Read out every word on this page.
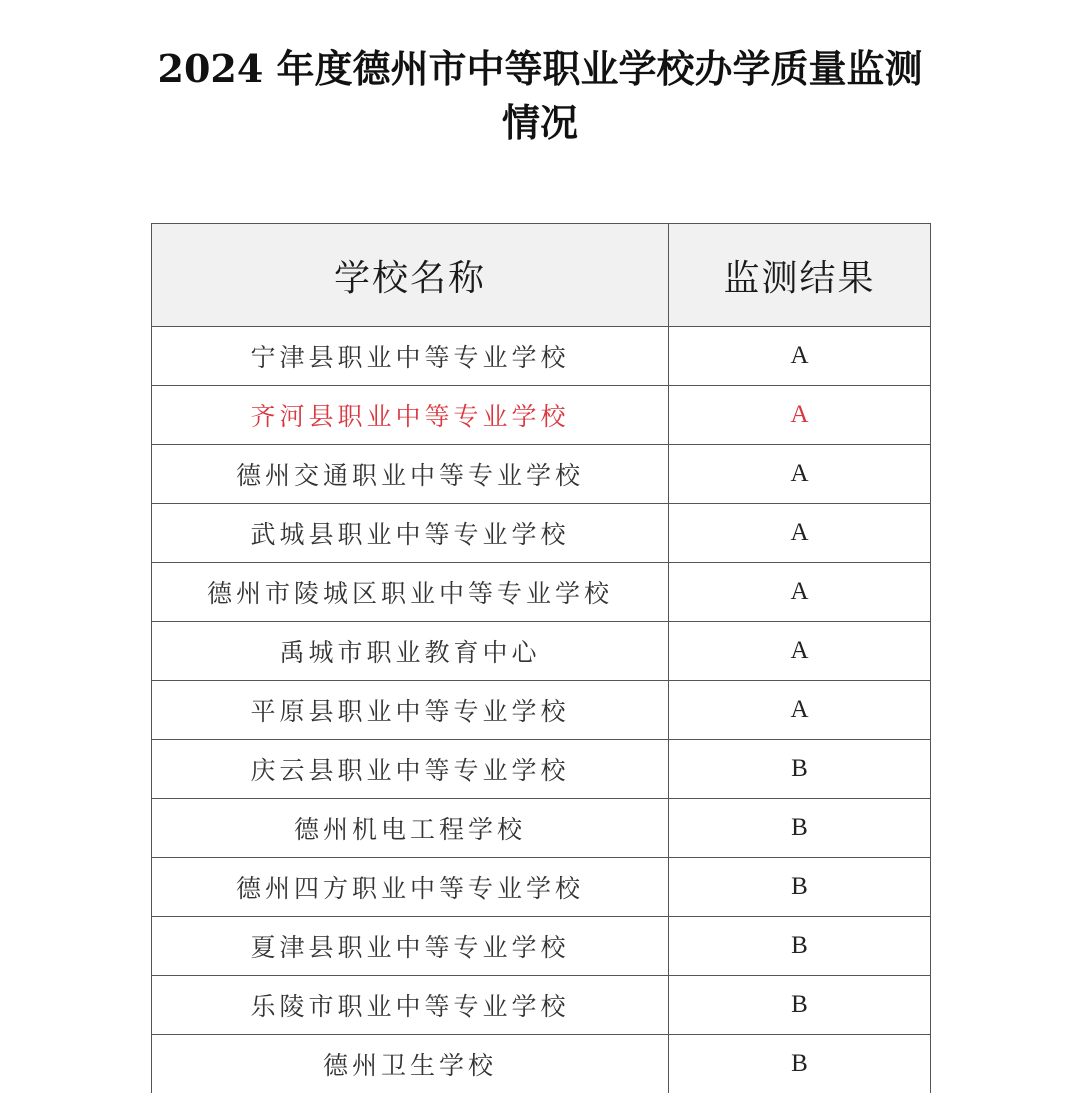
2024 年度德州市中等职业学校办学质量监测
情况
学校名称	监测结果
宁津县职业中等专业学校	A
齐河县职业中等专业学校	A
德州交通职业中等专业学校	A
武城县职业中等专业学校	A
德州市陵城区职业中等专业学校	A
禹城市职业教育中心	A
平原县职业中等专业学校	A
庆云县职业中等专业学校	B
德州机电工程学校	B
德州四方职业中等专业学校	B
夏津县职业中等专业学校	B
乐陵市职业中等专业学校	B
德州卫生学校	B
